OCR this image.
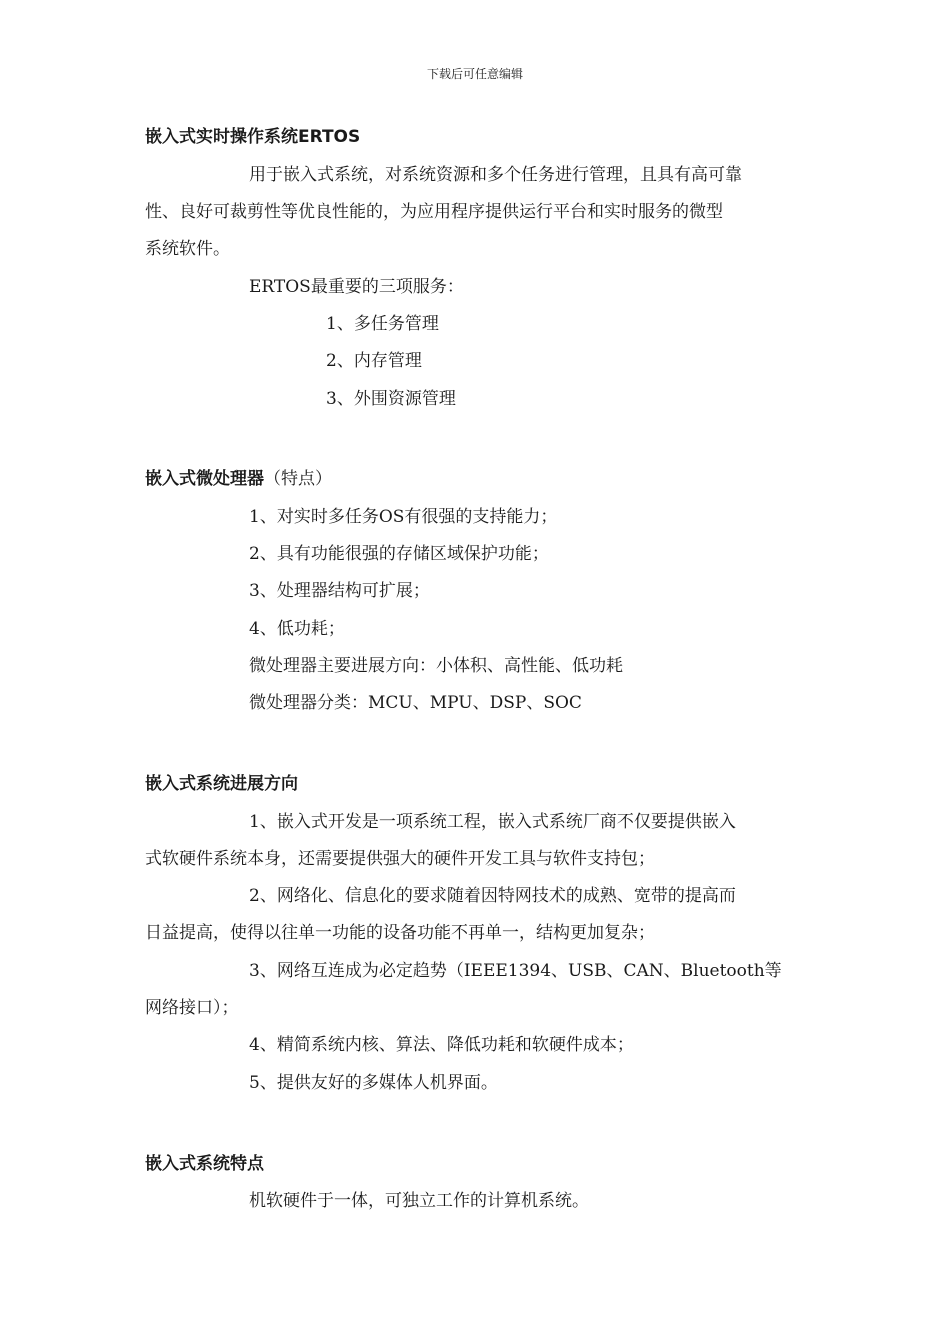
下载后可任意编辑
嵌入式实时操作系统ERTOS
用于嵌入式系统，对系统资源和多个任务进行管理，且具有高可靠
性、良好可裁剪性等优良性能的，为应用程序提供运行平台和实时服务的微型
系统软件。
ERTOS最重要的三项服务：
1、多任务管理
2、内存管理
3、外围资源管理
嵌入式微处理器（特点）
1、对实时多任务OS有很强的支持能力；
2、具有功能很强的存储区域保护功能；
3、处理器结构可扩展；
4、低功耗；
微处理器主要进展方向：小体积、高性能、低功耗
微处理器分类：MCU、MPU、DSP、SOC
嵌入式系统进展方向
1、嵌入式开发是一项系统工程，嵌入式系统厂商不仅要提供嵌入
式软硬件系统本身，还需要提供强大的硬件开发工具与软件支持包；
2、网络化、信息化的要求随着因特网技术的成熟、宽带的提高而
日益提高，使得以往单一功能的设备功能不再单一，结构更加复杂；
3、网络互连成为必定趋势（IEEE1394、USB、CAN、Bluetooth等
网络接口）；
4、精简系统内核、算法、降低功耗和软硬件成本；
5、提供友好的多媒体人机界面。
嵌入式系统特点
机软硬件于一体，可独立工作的计算机系统。
